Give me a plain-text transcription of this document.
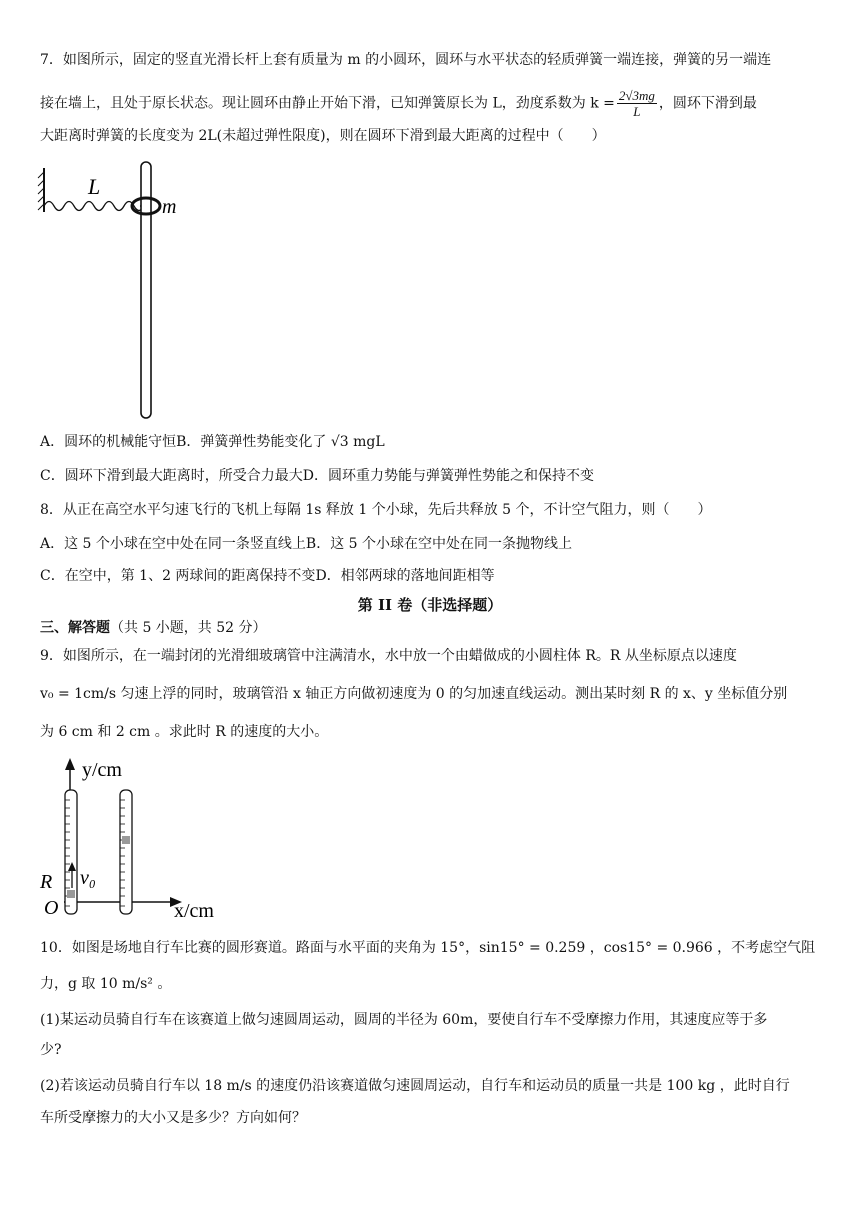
7．如图所示，固定的竖直光滑长杆上套有质量为 m 的小圆环，圆环与水平状态的轻质弹簧一端连接，弹簧的另一端连
接在墙上，且处于原长状态。现让圆环由静止开始下滑，已知弹簧原长为 L，劲度系数为 $k = \frac{2√3mg}{L}$ ，圆环下滑到最
大距离时弹簧的长度变为 2L(未超过弹性限度)，则在圆环下滑到最大距离的过程中（　　）
L
m
A．圆环的机械能守恒B．弹簧弹性势能变化了 √3 mgL
C．圆环下滑到最大距离时，所受合力最大D．圆环重力势能与弹簧弹性势能之和保持不变
8．从正在高空水平匀速飞行的飞机上每隔 1s 释放 1 个小球，先后共释放 5 个，不计空气阻力，则（　　）
A．这 5 个小球在空中处在同一条竖直线上B．这 5 个小球在空中处在同一条抛物线上
C．在空中，第 1、2 两球间的距离保持不变D．相邻两球的落地间距相等
第 II 卷（非选择题）
三、解答题（共 5 小题，共 52 分）
9．如图所示，在一端封闭的光滑细玻璃管中注满清水，水中放一个由蜡做成的小圆柱体 R。R 从坐标原点以速度
v₀ = 1cm/s 匀速上浮的同时，玻璃管沿 x 轴正方向做初速度为 0 的匀加速直线运动。测出某时刻 R 的 x、y 坐标值分别
为 6 cm 和 2 cm 。求此时 R 的速度的大小。
y/cm
x/cm
v₀
R
O
10．如图是场地自行车比赛的圆形赛道。路面与水平面的夹角为 15°，sin15° = 0.259 ，cos15° = 0.966 ，不考虑空气阻
力，g 取 10 m/s² 。
(1)某运动员骑自行车在该赛道上做匀速圆周运动，圆周的半径为 60m，要使自行车不受摩擦力作用，其速度应等于多
少?
(2)若该运动员骑自行车以 18 m/s 的速度仍沿该赛道做匀速圆周运动，自行车和运动员的质量一共是 100 kg ，此时自行
车所受摩擦力的大小又是多少？方向如何？
